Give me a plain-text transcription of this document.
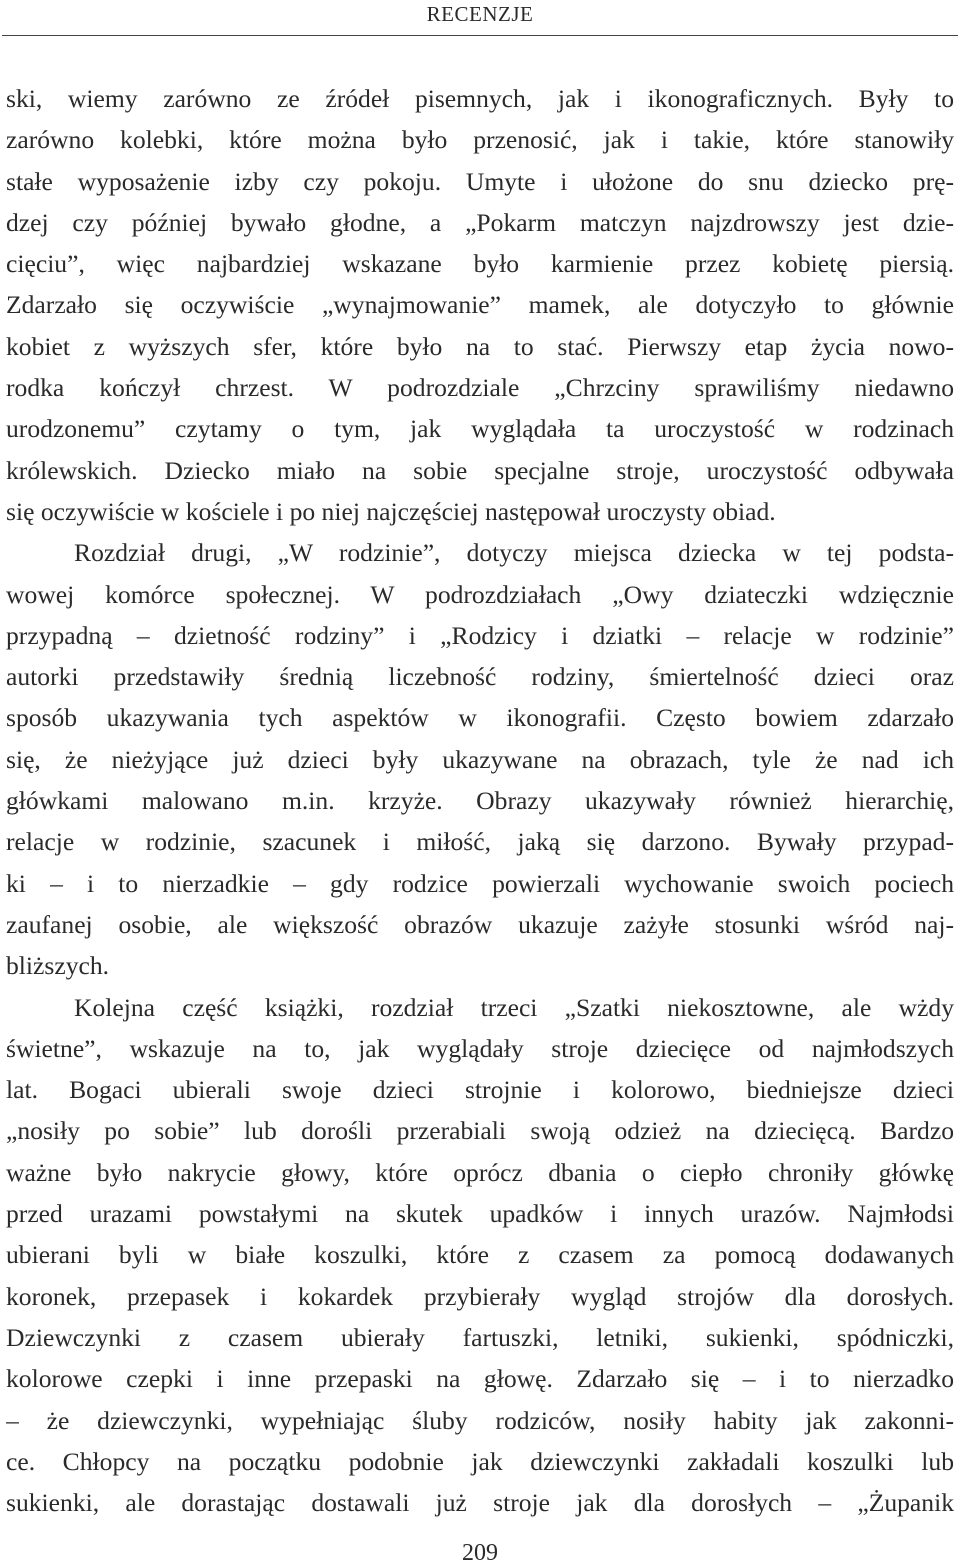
RECENZJE
ski, wiemy zarówno ze źródeł pisemnych, jak i ikonograficznych. Były to
zarówno kolebki, które można było przenosić, jak i takie, które stanowiły
stałe wyposażenie izby czy pokoju. Umyte i ułożone do snu dziecko prę-
dzej czy później bywało głodne, a „Pokarm matczyn najzdrowszy jest dzie-
cięciu”, więc najbardziej wskazane było karmienie przez kobietę piersią.
Zdarzało się oczywiście „wynajmowanie” mamek, ale dotyczyło to głównie
kobiet z wyższych sfer, które było na to stać. Pierwszy etap życia nowo-
rodka kończył chrzest. W podrozdziale „Chrzciny sprawiliśmy niedawno
urodzonemu” czytamy o tym, jak wyglądała ta uroczystość w rodzinach
królewskich. Dziecko miało na sobie specjalne stroje, uroczystość odbywała
się oczywiście w kościele i po niej najczęściej następował uroczysty obiad.
Rozdział drugi, „W rodzinie”, dotyczy miejsca dziecka w tej podsta-
wowej komórce społecznej. W podrozdziałach „Owy dziateczki wdzięcznie
przypadną – dzietność rodziny” i „Rodzicy i dziatki – relacje w rodzinie”
autorki przedstawiły średnią liczebność rodziny, śmiertelność dzieci oraz
sposób ukazywania tych aspektów w ikonografii. Często bowiem zdarzało
się, że nieżyjące już dzieci były ukazywane na obrazach, tyle że nad ich
główkami malowano m.in. krzyże. Obrazy ukazywały również hierarchię,
relacje w rodzinie, szacunek i miłość, jaką się darzono. Bywały przypad-
ki – i to nierzadkie – gdy rodzice powierzali wychowanie swoich pociech
zaufanej osobie, ale większość obrazów ukazuje zażyłe stosunki wśród naj-
bliższych.
Kolejna część książki, rozdział trzeci „Szatki niekosztowne, ale wżdy
świetne”, wskazuje na to, jak wyglądały stroje dziecięce od najmłodszych
lat. Bogaci ubierali swoje dzieci strojnie i kolorowo, biedniejsze dzieci
„nosiły po sobie” lub dorośli przerabiali swoją odzież na dziecięcą. Bardzo
ważne było nakrycie głowy, które oprócz dbania o ciepło chroniły główkę
przed urazami powstałymi na skutek upadków i innych urazów. Najmłodsi
ubierani byli w białe koszulki, które z czasem za pomocą dodawanych
koronek, przepasek i kokardek przybierały wygląd strojów dla dorosłych.
Dziewczynki z czasem ubierały fartuszki, letniki, sukienki, spódniczki,
kolorowe czepki i inne przepaski na głowę. Zdarzało się – i to nierzadko
– że dziewczynki, wypełniając śluby rodziców, nosiły habity jak zakonni-
ce. Chłopcy na początku podobnie jak dziewczynki zakładali koszulki lub
sukienki, ale dorastając dostawali już stroje jak dla dorosłych – „Żupanik
209
